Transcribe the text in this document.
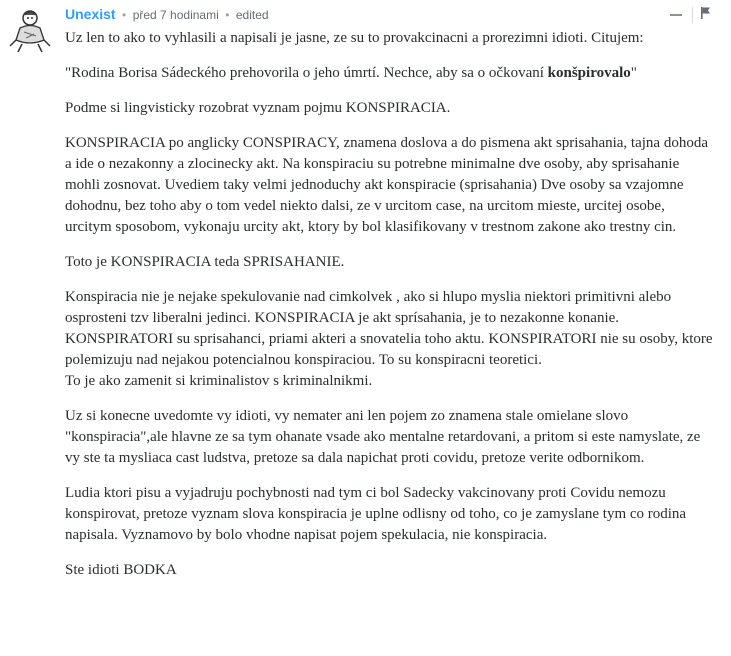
Unexist • před 7 hodinami • edited

Uz len to ako to vyhlasili a napisali je jasne, ze su to provakcinacni a prorezimni idioti. Citujem:

"Rodina Borisa Sádeckého prehovorila o jeho úmrtí. Nechce, aby sa o očkovaní konšpirovalo"

Podme si lingvisticky rozobrat vyznam pojmu KONSPIRACIA.

KONSPIRACIA po anglicky CONSPIRACY, znamena doslova a do pismena akt sprisahania, tajna dohoda a ide o nezakonny a zlocinecky akt. Na konspiraciu su potrebne minimalne dve osoby, aby sprisahanie mohli zosnovat. Uvediem taky velmi jednoduchy akt konspiracie (sprisahania) Dve osoby sa vzajomne dohodnu, bez toho aby o tom vedel niekto dalsi, ze v urcitom case, na urcitom mieste, urcitej osobe, urcitym sposobom, vykonaju urcity akt, ktory by bol klasifikovany v trestnom zakone ako trestny cin.

Toto je KONSPIRACIA teda SPRISAHANIE.

Konspiracia nie je nejake spekulovanie nad cimkolvek , ako si hlupo myslia niektori primitivni alebo osprosteni tzv liberalni jedinci. KONSPIRACIA je akt sprísahania, je to nezakonne konanie. KONSPIRATORI su sprisahanci, priami akteri a snovatelia toho aktu. KONSPIRATORI nie su osoby, ktore polemizuju nad nejakou potencialnou konspiraciou. To su konspiracni teoretici.
To je ako zamenit si kriminalistov s kriminalnikmi.

Uz si konecne uvedomte vy idioti, vy nemater ani len pojem zo znamena stale omielane slovo "konspiracia",ale hlavne ze sa tym ohanate vsade ako mentalne retardovani, a pritom si este namyslate, ze vy ste ta mysliaca cast ludstva, pretoze sa dala napichat proti covidu, pretoze verite odbornikom.

Ludia ktori pisu a vyjadruju pochybnosti nad tym ci bol Sadecky vakcinovany proti Covidu nemozu konspirovat, pretoze vyznam slova konspiracia je uplne odlisny od toho, co je zamyslane tym co rodina napisala. Vyznamovo by bolo vhodne napisat pojem spekulacia, nie konspiracia.

Ste idioti BODKA
